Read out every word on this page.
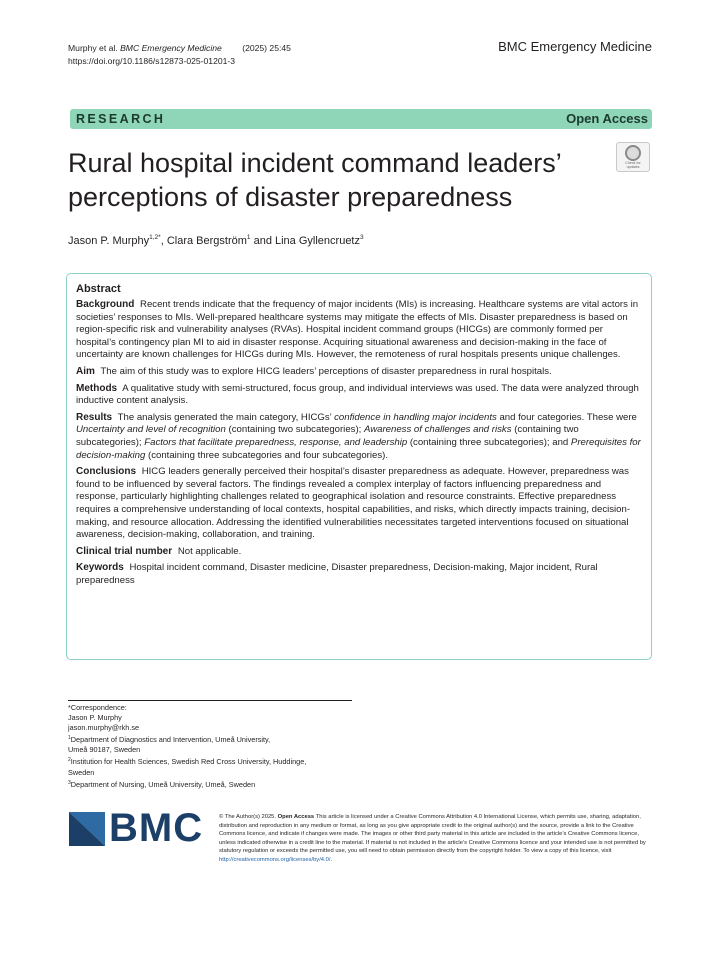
Murphy et al. BMC Emergency Medicine (2025) 25:45
https://doi.org/10.1186/s12873-025-01201-3
BMC Emergency Medicine
RESEARCH	Open Access
Rural hospital incident command leaders’
perceptions of disaster preparedness
Check for
updates
Jason P. Murphy$^{1,2*}$, Clara Bergström$^1$ and Lina Gyllencruetz$^3$
Abstract

Background Recent trends indicate that the frequency of major incidents (MIs) is increasing. Healthcare systems are vital actors in societies’ responses to MIs. Well-prepared healthcare systems may mitigate the effects of MIs. Disaster preparedness is based on region-specific risk and vulnerability analyses (RVAs). Hospital incident command groups (HICGs) are commonly formed per hospital’s contingency plan MI to aid in disaster response. Acquiring situational awareness and decision-making in the face of uncertainty are known challenges for HICGs during MIs. However, the remoteness of rural hospitals presents unique challenges.

Aim The aim of this study was to explore HICG leaders’ perceptions of disaster preparedness in rural hospitals.

Methods A qualitative study with semi-structured, focus group, and individual interviews was used. The data were analyzed through inductive content analysis.

Results The analysis generated the main category, HICGs’ confidence in handling major incidents and four categories. These were Uncertainty and level of recognition (containing two subcategories); Awareness of challenges and risks (containing two subcategories); Factors that facilitate preparedness, response, and leadership (containing three subcategories); and Prerequisites for decision-making (containing three subcategories and four subcategories).

Conclusions HICG leaders generally perceived their hospital’s disaster preparedness as adequate. However, preparedness was found to be influenced by several factors. The findings revealed a complex interplay of factors influencing preparedness and response, particularly highlighting challenges related to geographical isolation and resource constraints. Effective preparedness requires a comprehensive understanding of local contexts, hospital capabilities, and risks, which directly impacts training, decision-making, and resource allocation. Addressing the identified vulnerabilities necessitates targeted interventions focused on situational awareness, decision-making, collaboration, and training.

Clinical trial number Not applicable.

Keywords Hospital incident command, Disaster medicine, Disaster preparedness, Decision-making, Major incident, Rural preparedness

*Correspondence:
Jason P. Murphy
jason.murphy@rkh.se
$^1$Department of Diagnostics and Intervention, Umeå University,
Umeå 90187, Sweden
$^2$Institution for Health Sciences, Swedish Red Cross University, Huddinge,
Sweden
$^3$Department of Nursing, Umeå University, Umeå, Sweden
BMC	© The Author(s) 2025. Open Access This article is licensed under a Creative Commons Attribution 4.0 International License, which permits use, sharing, adaptation, distribution and reproduction in any medium or format, as long as you give appropriate credit to the original author(s) and the source, provide a link to the Creative Commons licence, and indicate if changes were made. The images or other third party material in this article are included in the article’s Creative Commons licence, unless indicated otherwise in a credit line to the material. If material is not included in the article’s Creative Commons licence and your intended use is not permitted by statutory regulation or exceeds the permitted use, you will need to obtain permission directly from the copyright holder. To view a copy of this licence, visit http://creativecommons.org/licenses/by/4.0/.
